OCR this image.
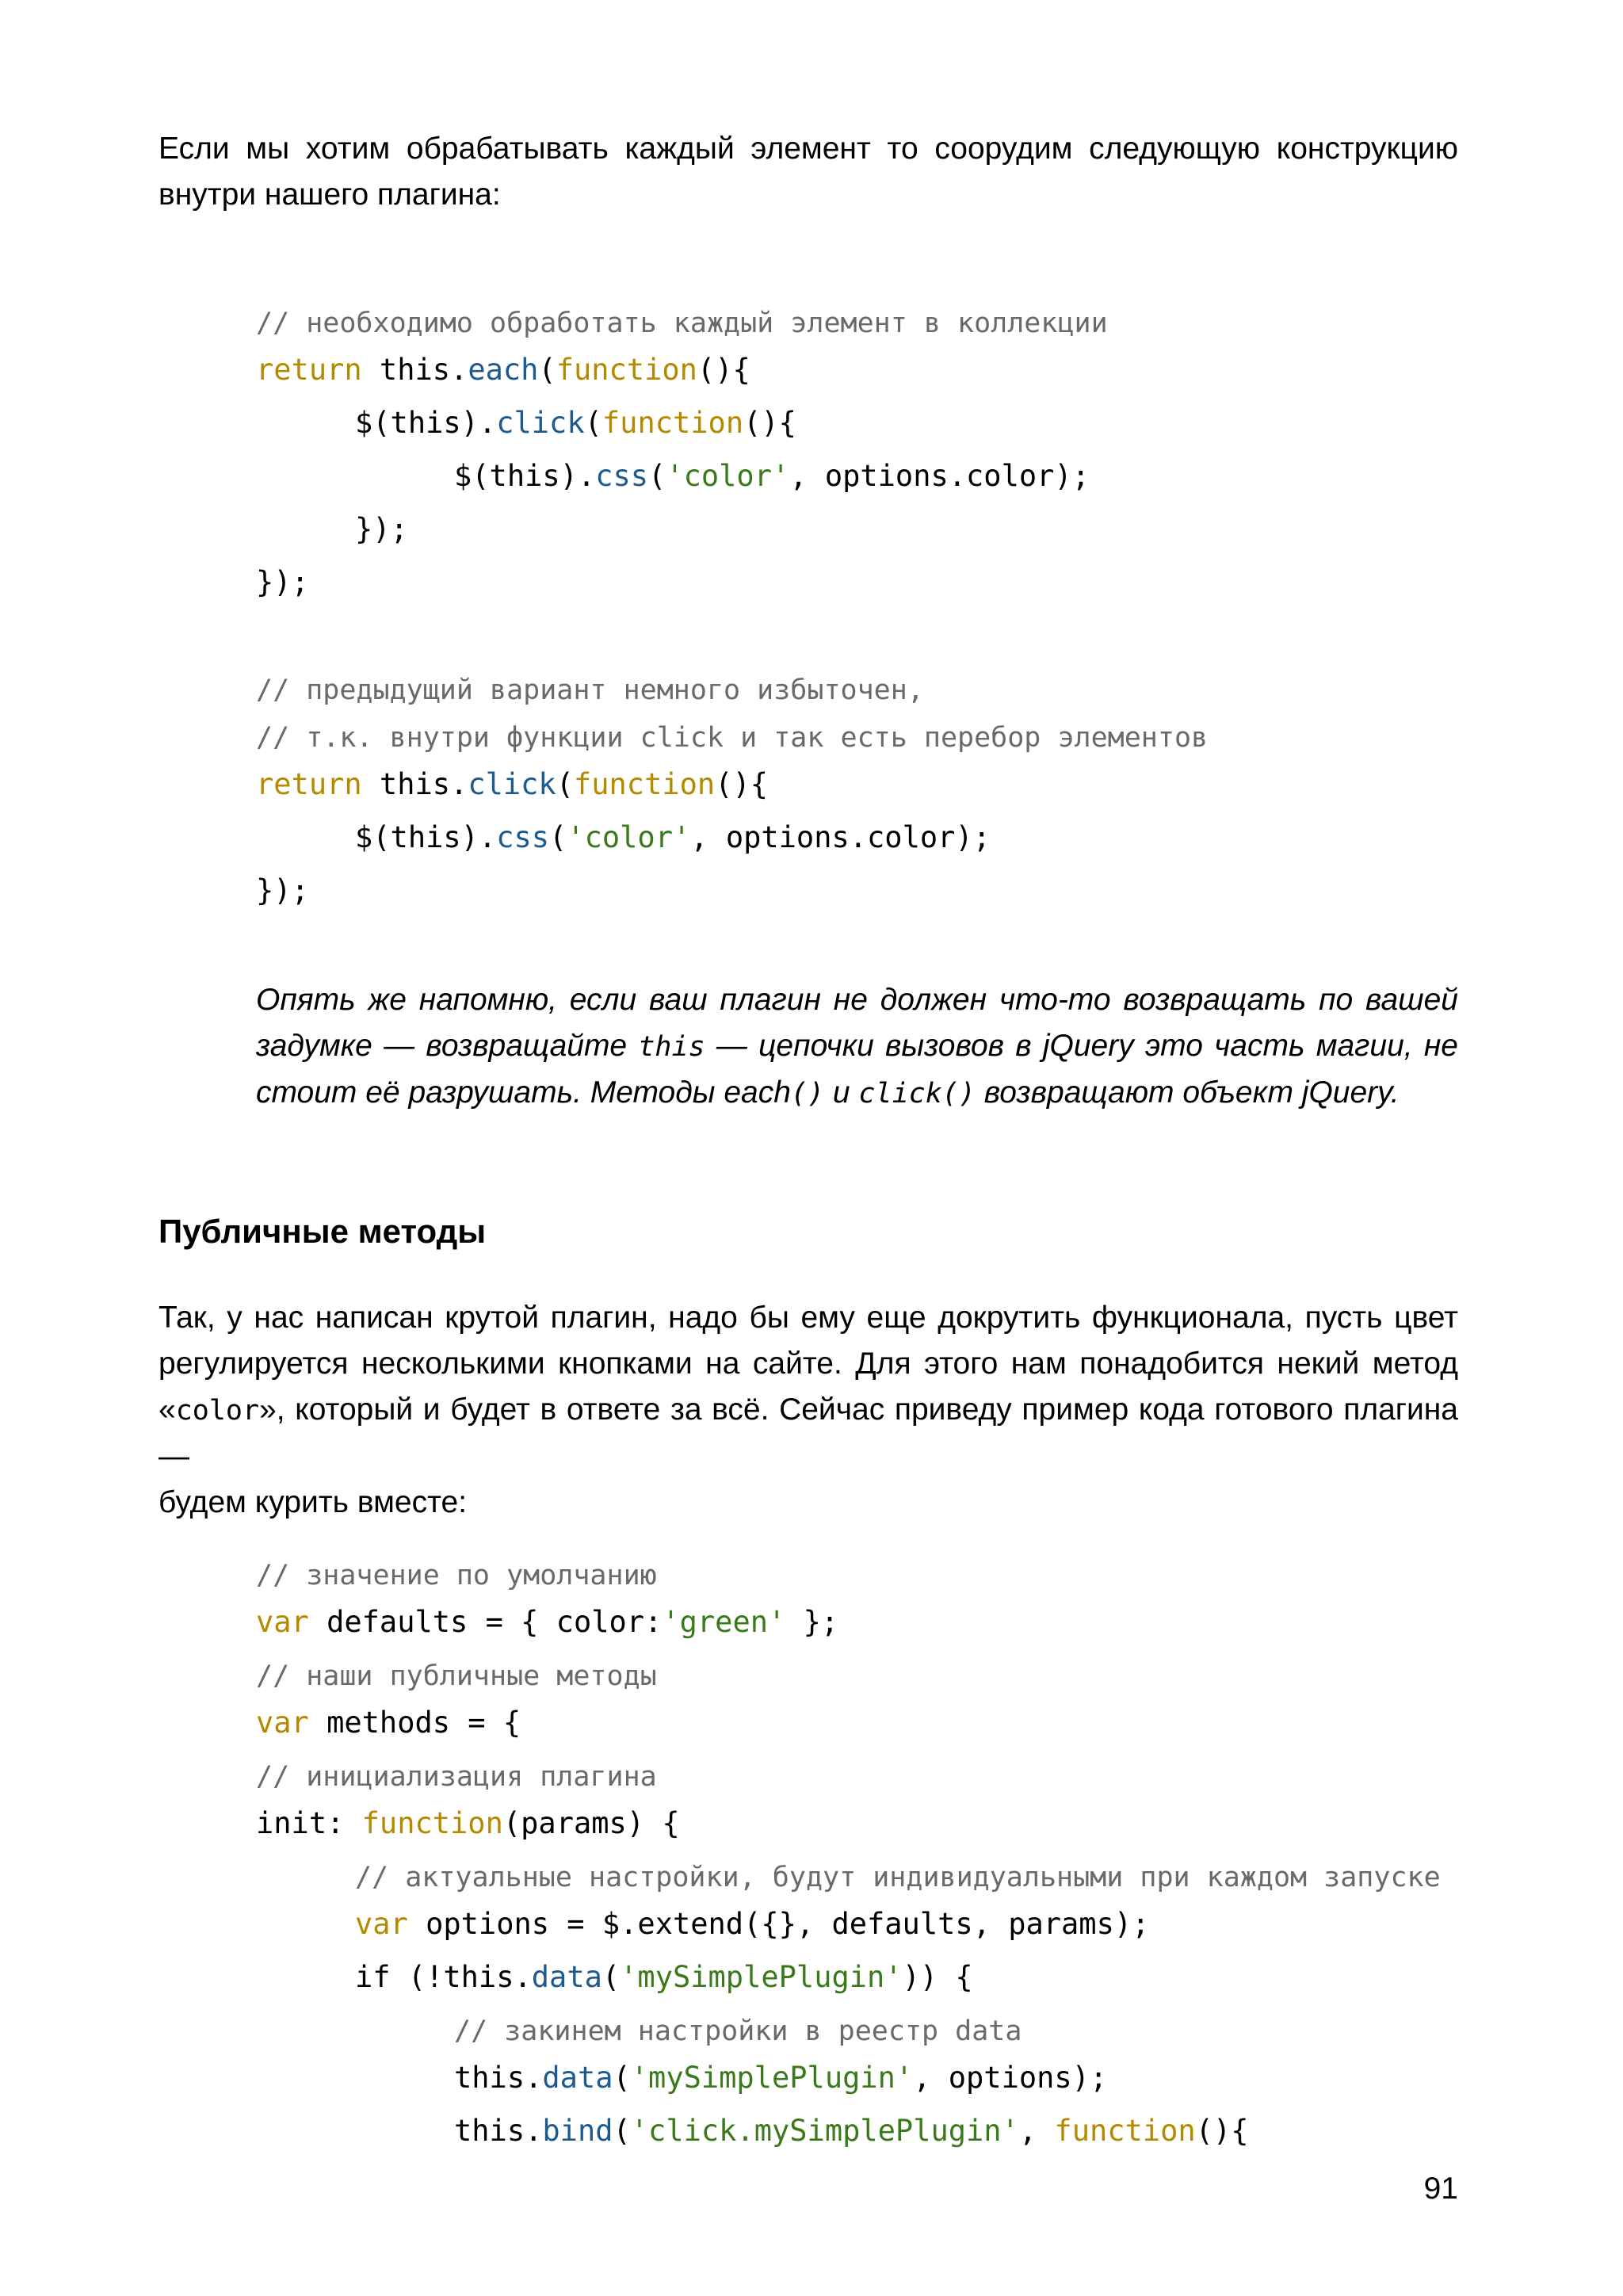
Если мы хотим обрабатывать каждый элемент то соорудим следующую конструкцию
внутри нашего плагина:

// необходимо обработать каждый элемент в коллекции
return this.each(function(){
$(this).click(function(){
$(this).css('color', options.color);
});
});
// предыдущий вариант немного избыточен,
// т.к. внутри функции click и так есть перебор элементов
return this.click(function(){
$(this).css('color', options.color);
});

Опять же напомню, если ваш плагин не должен что-то возвращать по вашей
задумке — возвращайте this — цепочки вызовов в jQuery это часть магии, не
стоит её разрушать. Методы each() и click() возвращают объект jQuery.

Публичные методы

Так, у нас написан крутой плагин, надо бы ему еще докрутить функционала, пусть цвет
регулируется несколькими кнопками на сайте. Для этого нам понадобится некий метод
«color», который и будет в ответе за всё. Сейчас приведу пример кода готового плагина —
будем курить вместе:

// значение по умолчанию
var defaults = { color:'green' };
// наши публичные методы
var methods = {
// инициализация плагина
init: function(params) {
// актуальные настройки, будут индивидуальными при каждом запуске
var options = $.extend({}, defaults, params);
if (!this.data('mySimplePlugin')) {
// закинем настройки в реестр data
this.data('mySimplePlugin', options);
this.bind('click.mySimplePlugin', function(){
91
